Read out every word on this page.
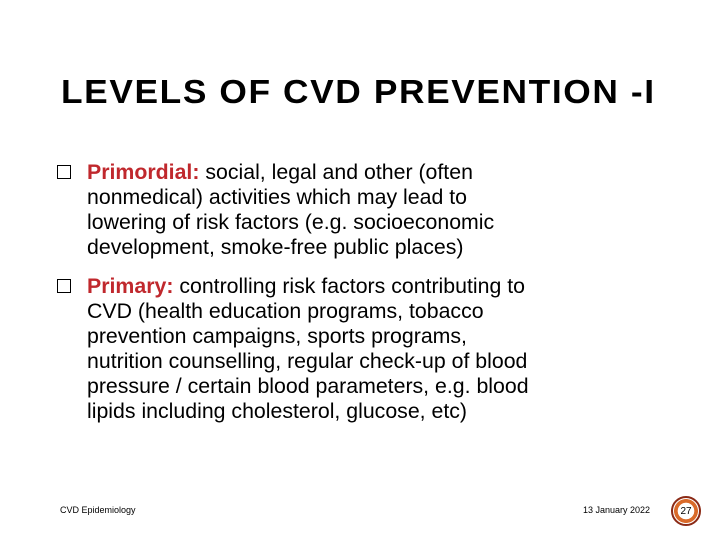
LEVELS OF CVD PREVENTION -I
Primordial: social, legal and other (often
nonmedical) activities which may lead to
lowering of risk factors (e.g. socioeconomic
development, smoke-free public places)
Primary: controlling risk factors contributing to
CVD (health education programs, tobacco
prevention campaigns, sports programs,
nutrition counselling, regular check-up of blood
pressure / certain blood parameters, e.g. blood
lipids including cholesterol, glucose, etc)
CVD Epidemiology	13 January 2022	27
